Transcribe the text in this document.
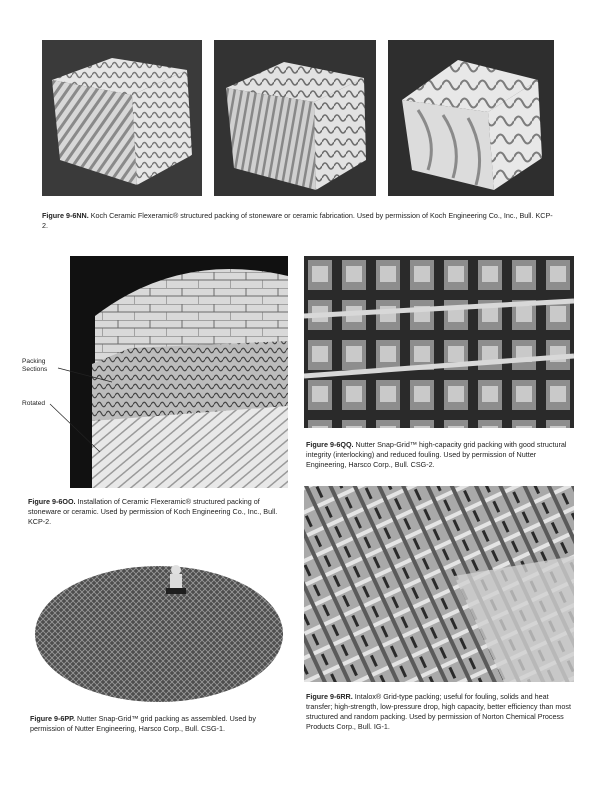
Figure 9-6NN. Koch Ceramic Flexeramic® structured packing of stoneware or ceramic fabrication. Used by permission of Koch Engineering Co., Inc., Bull. KCP-2.
Packing Sections
Rotated
Figure 9-6OO. Installation of Ceramic Flexeramic® structured packing of stoneware or ceramic. Used by permission of Koch Engineering Co., Inc., Bull. KCP-2.
Figure 9-6QQ. Nutter Snap-Grid™ high-capacity grid packing with good structural integrity (interlocking) and reduced fouling. Used by permission of Nutter Engineering, Harsco Corp., Bull. CSG-2.
Figure 9-6PP. Nutter Snap-Grid™ grid packing as assembled. Used by permission of Nutter Engineering, Harsco Corp., Bull. CSG-1.
Figure 9-6RR. Intalox® Grid-type packing; useful for fouling, solids and heat transfer; high-strength, low-pressure drop, high capacity, better efficiency than most structured and random packing. Used by permission of Norton Chemical Process Products Corp., Bull. IG-1.
